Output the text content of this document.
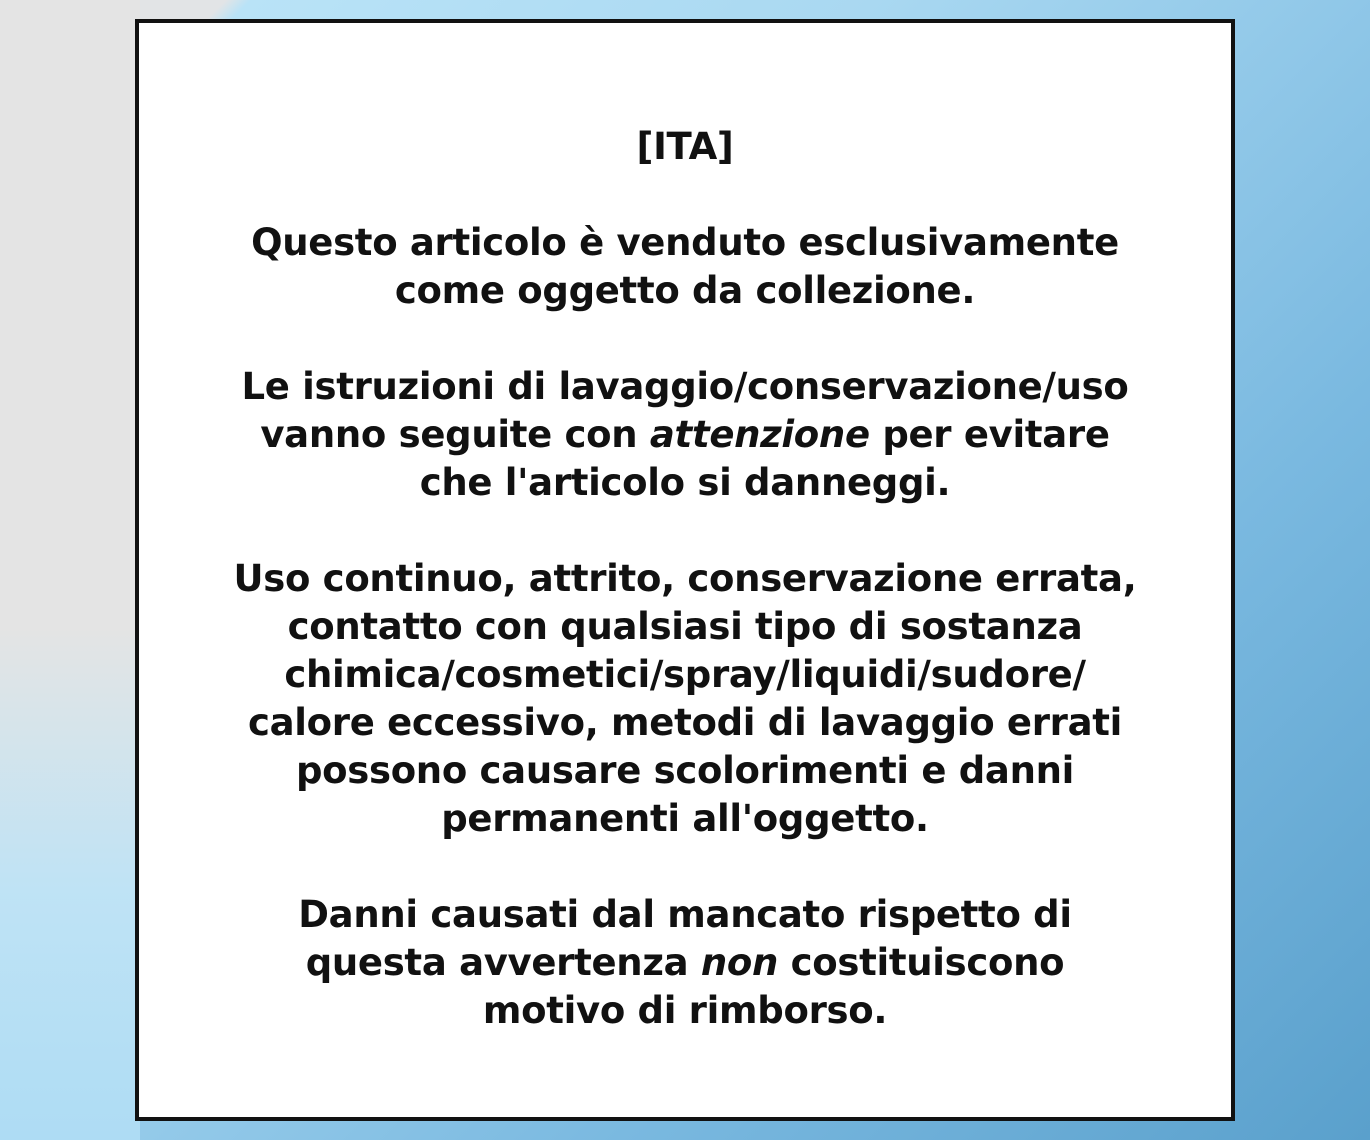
[ITA]

Questo articolo è venduto esclusivamente
come oggetto da collezione.

Le istruzioni di lavaggio/conservazione/uso
vanno seguite con attenzione per evitare
che l'articolo si danneggi.

Uso continuo, attrito, conservazione errata,
contatto con qualsiasi tipo di sostanza
chimica/cosmetici/spray/liquidi/sudore/
calore eccessivo, metodi di lavaggio errati
possono causare scolorimenti e danni
permanenti all'oggetto.

Danni causati dal mancato rispetto di
questa avvertenza non costituiscono
motivo di rimborso.
